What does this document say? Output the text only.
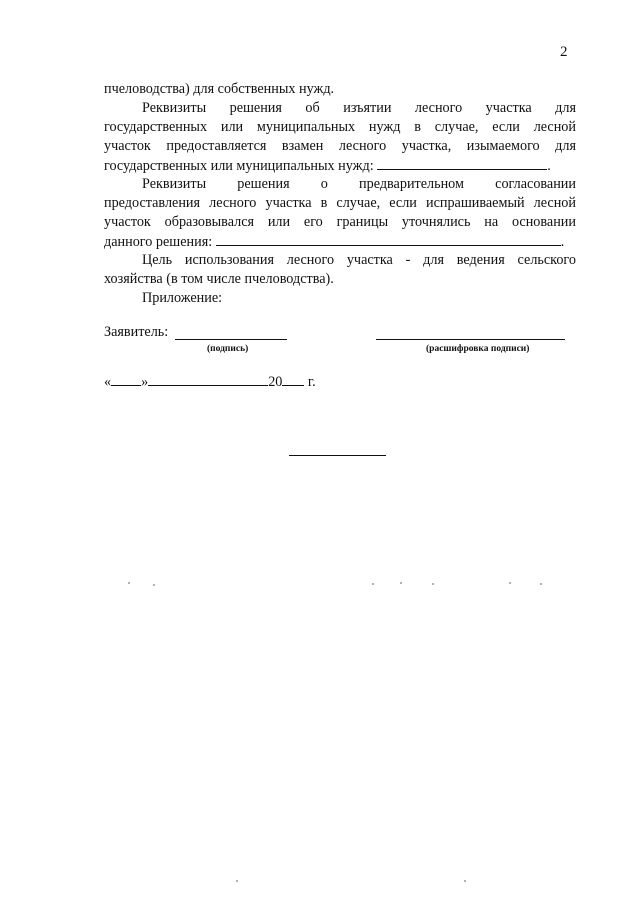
2
пчеловодства) для собственных нужд.
Реквизиты решения об изъятии лесного участка для
государственных или муниципальных нужд в случае, если лесной
участок предоставляется взамен лесного участка, изымаемого для
государственных или муниципальных нужд:	.
Реквизиты решения о предварительном согласовании
предоставления лесного участка в случае, если испрашиваемый лесной
участок образовывался или его границы уточнялись на основании
данного решения:	.
Цель использования лесного участка - для ведения сельского
хозяйства (в том числе пчеловодства).
Приложение:
Заявитель:
(подпись)	(расшифровка подписи)
« »	20 г.
